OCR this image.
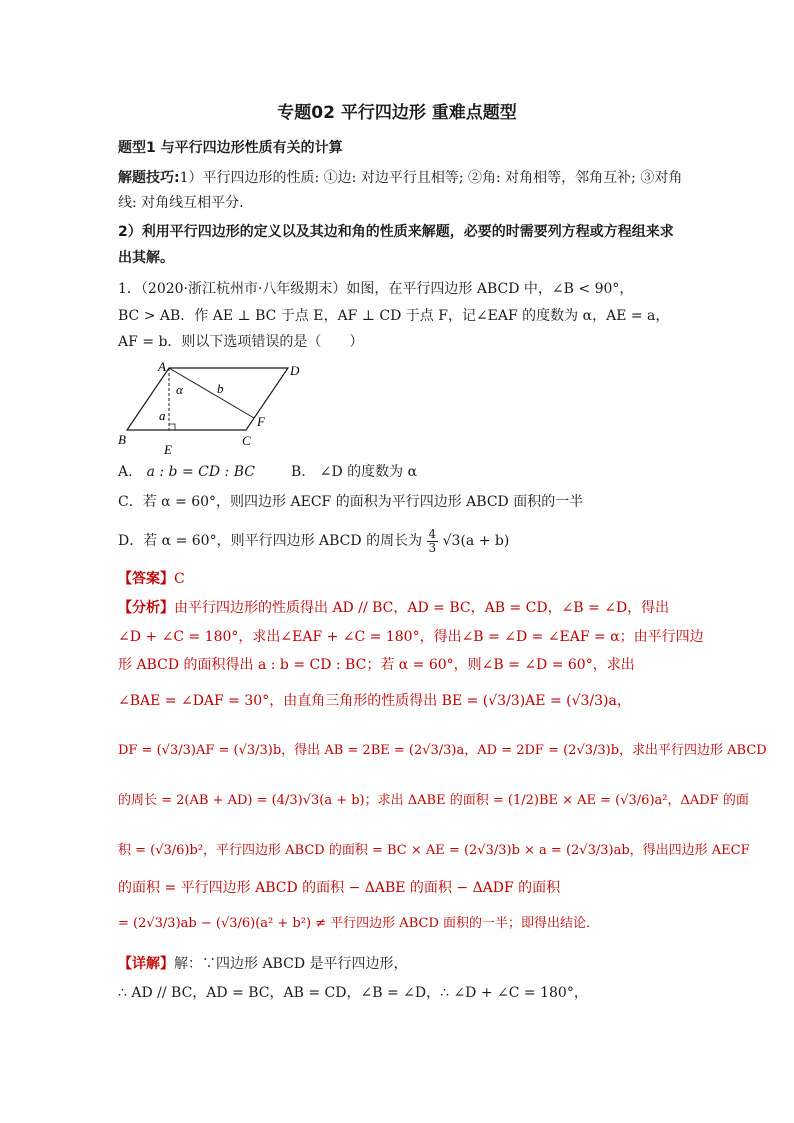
专题02 平行四边形 重难点题型
题型1 与平行四边形性质有关的计算
解题技巧:1）平行四边形的性质: ①边: 对边平行且相等; ②角: 对角相等，邻角互补; ③对角
线: 对角线互相平分.
2）利用平行四边形的定义以及其边和角的性质来解题，必要的时需要列方程或方程组来求
出其解。
1．（2020·浙江杭州市·八年级期末）如图，在平行四边形 ABCD 中，∠B < 90°，
BC > AB．作 AE ⊥ BC 于点 E，AF ⊥ CD 于点 F，记∠EAF 的度数为 α，AE = a，
AF = b．则以下选项错误的是（　　）
A	D
B
E
C
F
α
a
b
A． a : b = CD : BC	B． ∠D 的度数为 α
C．若 α = 60°，则四边形 AECF 的面积为平行四边形 ABCD 面积的一半
D．若 α = 60°，则平行四边形 ABCD 的周长为 $\frac{4}{3} √3(a + b)$
【答案】C
【分析】由平行四边形的性质得出 AD // BC，AD = BC，AB = CD，∠B = ∠D，得出
∠D + ∠C = 180°，求出∠EAF + ∠C = 180°，得出∠B = ∠D = ∠EAF = α；由平行四边
形 ABCD 的面积得出 a : b = CD : BC；若 α = 60°，则∠B = ∠D = 60°，求出
∠BAE = ∠DAF = 30°，由直角三角形的性质得出 BE = (√3/3)AE = (√3/3)a，
DF = (√3/3)AF = (√3/3)b，得出 AB = 2BE = (2√3/3)a，AD = 2DF = (2√3/3)b，求出平行四边形 ABCD
的周长 = 2(AB + AD) = (4/3)√3(a + b)；求出 ΔABE 的面积 = (1/2)BE × AE = (√3/6)a²，ΔADF 的面
积 = (√3/6)b²，平行四边形 ABCD 的面积 = BC × AE = (2√3/3)b × a = (2√3/3)ab，得出四边形 AECF
的面积 = 平行四边形 ABCD 的面积 − ΔABE 的面积 − ΔADF 的面积
= (2√3/3)ab − (√3/6)(a² + b²) ≠ 平行四边形 ABCD 面积的一半；即得出结论．
【详解】解：∵四边形 ABCD 是平行四边形，
∴ AD // BC，AD = BC，AB = CD，∠B = ∠D，∴ ∠D + ∠C = 180°，
